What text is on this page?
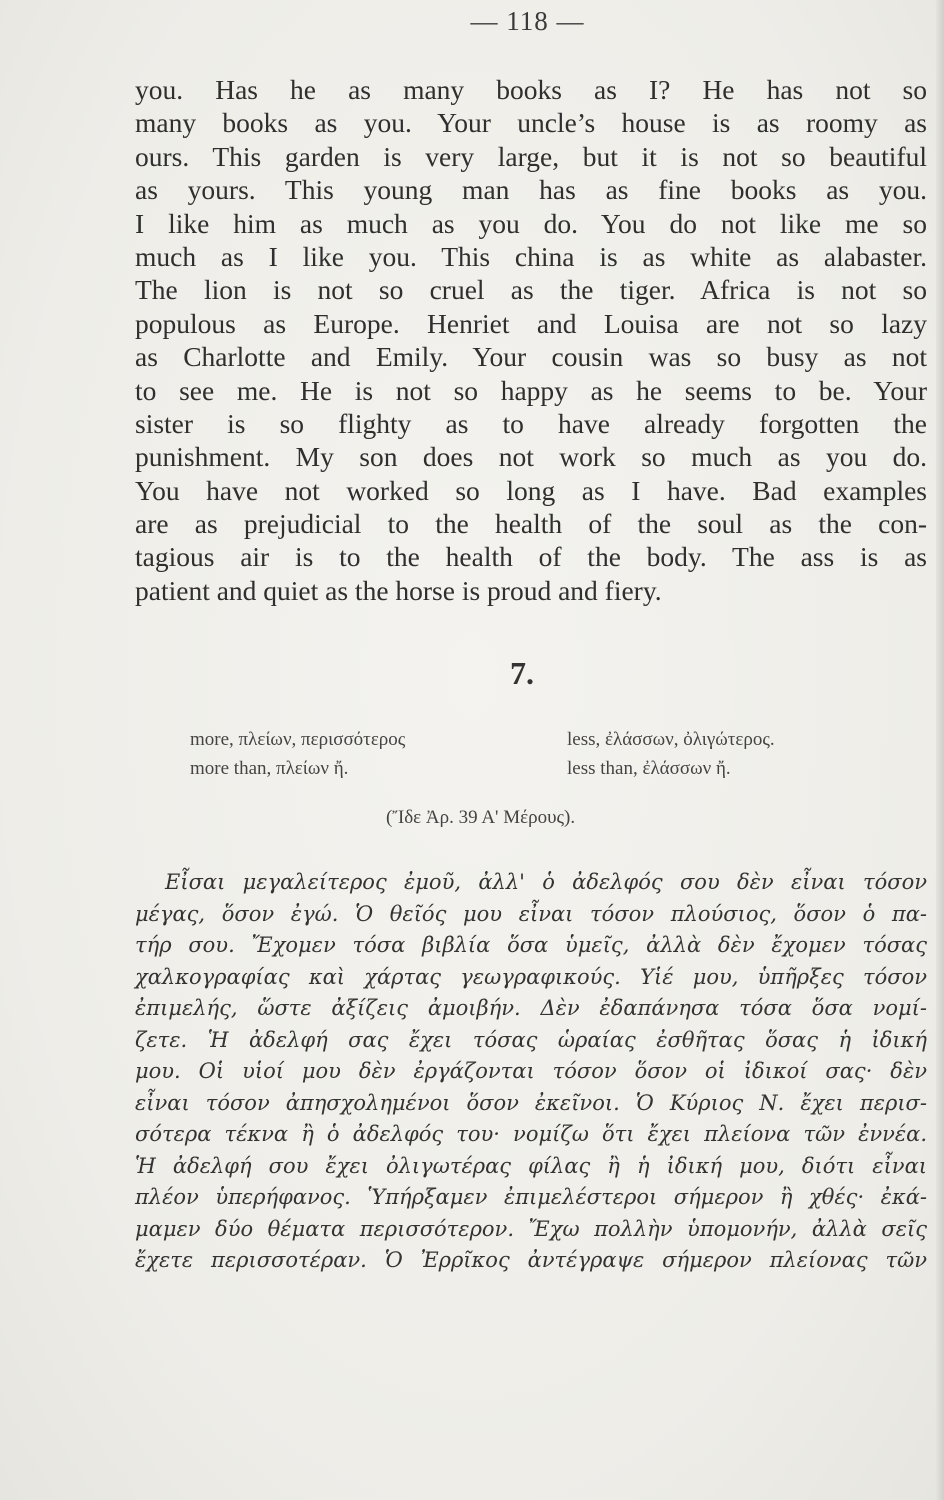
— 118 —
you. Has he as many books as I? He has not so
many books as you. Your uncle’s house is as roomy as
ours. This garden is very large, but it is not so beautiful
as yours. This young man has as fine books as you.
I like him as much as you do. You do not like me so
much as I like you. This china is as white as alabaster.
The lion is not so cruel as the tiger. Africa is not so
populous as Europe. Henriet and Louisa are not so lazy
as Charlotte and Emily. Your cousin was so busy as not
to see me. He is not so happy as he seems to be. Your
sister is so flighty as to have already forgotten the
punishment. My son does not work so much as you do.
You have not worked so long as I have. Bad examples
are as prejudicial to the health of the soul as the con-
tagious air is to the health of the body. The ass is as
patient and quiet as the horse is proud and fiery.
7.
more, πλείων, περισσότερος
more than, πλείων ἤ.
less, ἐλάσσων, ὀλιγώτερος.
less than, ἐλάσσων ἤ.
(Ἴδε Ἀρ. 39 Α' Μέρους).
Εἶσαι μεγαλείτερος ἐμοῦ, ἀλλ' ὁ ἀδελφός σου δὲν εἶναι τόσον
μέγας, ὅσον ἐγώ. Ὁ θεῖός μου εἶναι τόσον πλούσιος, ὅσον ὁ πα-
τήρ σου. Ἔχομεν τόσα βιβλία ὅσα ὑμεῖς, ἀλλὰ δὲν ἔχομεν τόσας
χαλκογραφίας καὶ χάρτας γεωγραφικούς. Υἱέ μου, ὑπῆρξες τόσον
ἐπιμελής, ὥστε ἀξίζεις ἀμοιβήν. Δὲν ἐδαπάνησα τόσα ὅσα νομί-
ζετε. Ἡ ἀδελφή σας ἔχει τόσας ὡραίας ἐσθῆτας ὅσας ἡ ἰδική
μου. Οἱ υἱοί μου δὲν ἐργάζονται τόσον ὅσον οἱ ἰδικοί σας· δὲν
εἶναι τόσον ἀπησχολημένοι ὅσον ἐκεῖνοι. Ὁ Κύριος Ν. ἔχει περισ-
σότερα τέκνα ἢ ὁ ἀδελφός του· νομίζω ὅτι ἔχει πλείονα τῶν ἐννέα.
Ἡ ἀδελφή σου ἔχει ὀλιγωτέρας φίλας ἢ ἡ ἰδική μου, διότι εἶναι
πλέον ὑπερήφανος. Ὑπήρξαμεν ἐπιμελέστεροι σήμερον ἢ χθές· ἐκά-
μαμεν δύο θέματα περισσότερον. Ἔχω πολλὴν ὑπομονήν, ἀλλὰ σεῖς
ἔχετε περισσοτέραν. Ὁ Ἐρρῖκος ἀντέγραψε σήμερον πλείονας τῶν
